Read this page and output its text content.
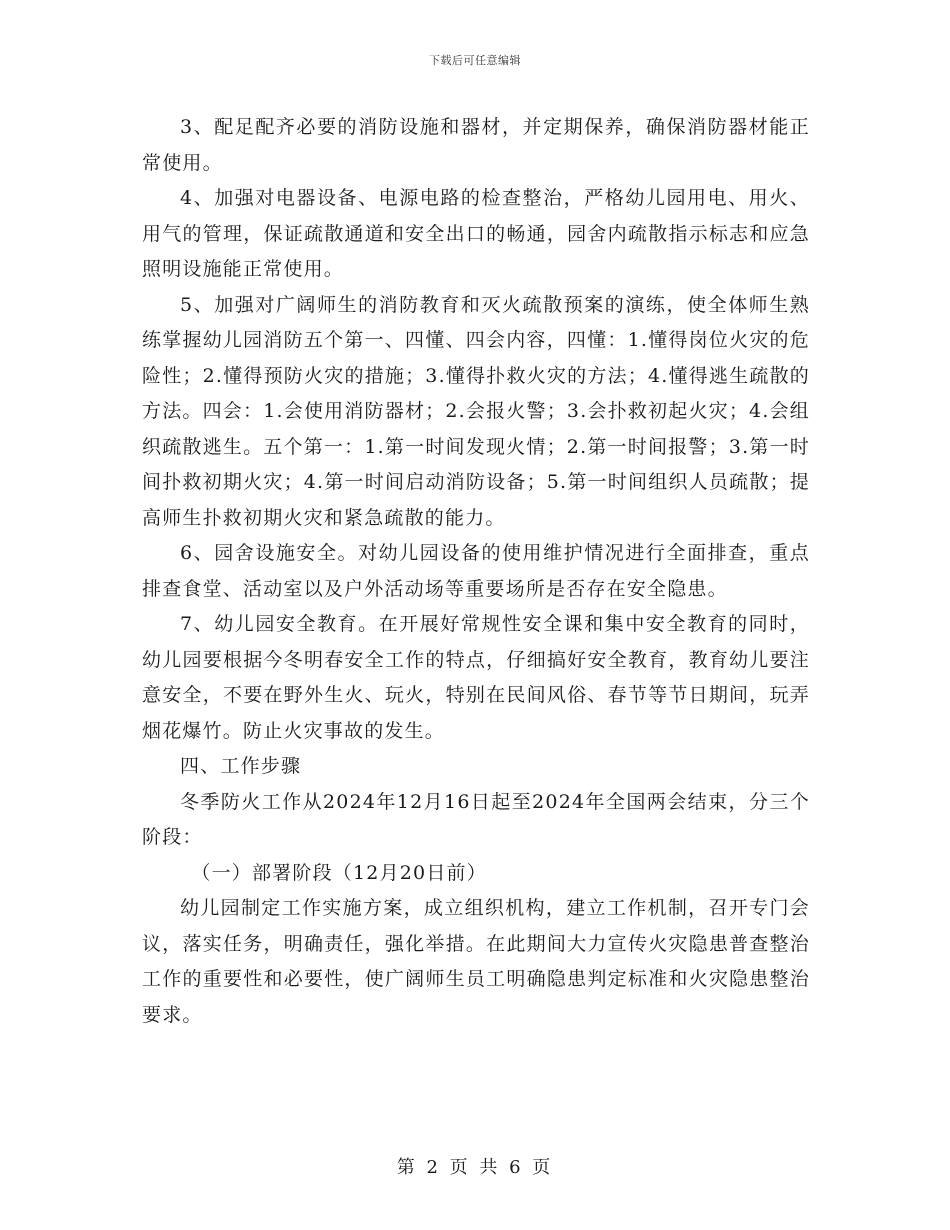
下载后可任意编辑

3、配足配齐必要的消防设施和器材，并定期保养，确保消防器材能正常使用。

4、加强对电器设备、电源电路的检查整治，严格幼儿园用电、用火、用气的管理，保证疏散通道和安全出口的畅通，园舍内疏散指示标志和应急照明设施能正常使用。

5、加强对广阔师生的消防教育和灭火疏散预案的演练，使全体师生熟练掌握幼儿园消防五个第一、四懂、四会内容，四懂：1.懂得岗位火灾的危险性；2.懂得预防火灾的措施；3.懂得扑救火灾的方法；4.懂得逃生疏散的方法。四会：1.会使用消防器材；2.会报火警；3.会扑救初起火灾；4.会组织疏散逃生。五个第一：1.第一时间发现火情；2.第一时间报警；3.第一时间扑救初期火灾；4.第一时间启动消防设备；5.第一时间组织人员疏散；提高师生扑救初期火灾和紧急疏散的能力。

6、园舍设施安全。对幼儿园设备的使用维护情况进行全面排查，重点排查食堂、活动室以及户外活动场等重要场所是否存在安全隐患。

7、幼儿园安全教育。在开展好常规性安全课和集中安全教育的同时，幼儿园要根据今冬明春安全工作的特点，仔细搞好安全教育，教育幼儿要注意安全，不要在野外生火、玩火，特别在民间风俗、春节等节日期间，玩弄烟花爆竹。防止火灾事故的发生。

四、工作步骤

冬季防火工作从2024年12月16日起至2024年全国两会结束，分三个阶段：

（一）部署阶段（12月20日前）

幼儿园制定工作实施方案，成立组织机构，建立工作机制，召开专门会议，落实任务，明确责任，强化举措。在此期间大力宣传火灾隐患普查整治工作的重要性和必要性，使广阔师生员工明确隐患判定标准和火灾隐患整治要求。

第 2 页 共 6 页
